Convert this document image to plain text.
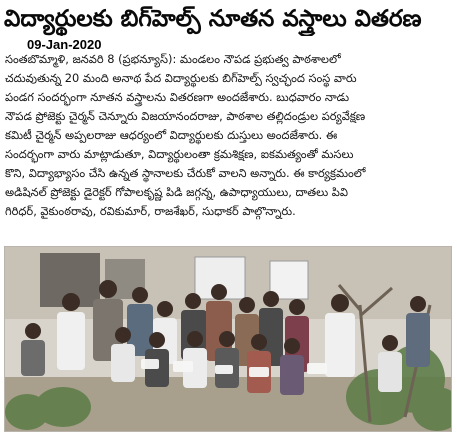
విద్యార్థులకు బిగ్‌హెల్ప్ నూతన వస్త్రాలు వితరణ
09-Jan-2020
సంతబొమ్మాళి, జనవరి 8 (ప్రభన్యూస్): మండలం నౌపడ ప్రభుత్వ పాఠశాలలో
చదువుతున్న 20 మంది అనాథ పేద విద్యార్థులకు బిగ్‌హెల్ప్ స్వచ్ఛంద సంస్థ వారు
పండగ సందర్భంగా నూతన వస్త్రాలను వితరణగా అందజేశారు. బుధవారం నాడు
నౌపడ ప్రోజెక్టు చైర్మన్ చెన్నూరు విజయానందరాజు, పాఠశాల తల్లిదండ్రుల పర్యవేక్షణ
కమిటీ చైర్మన్ అప్పలరాజు ఆధర్యంలో విద్యార్థులకు దుస్తులు అందజేశారు. ఈ
సందర్భంగా వారు మాట్లాడుతూ, విద్యార్థులంతా క్రమశిక్షణ, ఐకమత్యంతో మసలు
కొని, విద్యాభ్యాసం చేసి ఉన్నత స్థానాలకు చేరుకో వాలని అన్నారు. ఈ కార్యక్రమంలో
అడిషినల్ ప్రోజెక్టు డైరెక్టర్ గోపాలకృష్ణ పిడి జగ్గన్న, ఉపాధ్యాయులు, దాతలు పివి
గిరిధర్, వైకుంఠరావు, రవికుమార్, రాజశేఖర్, సుధాకర్ పాల్గొన్నారు.
